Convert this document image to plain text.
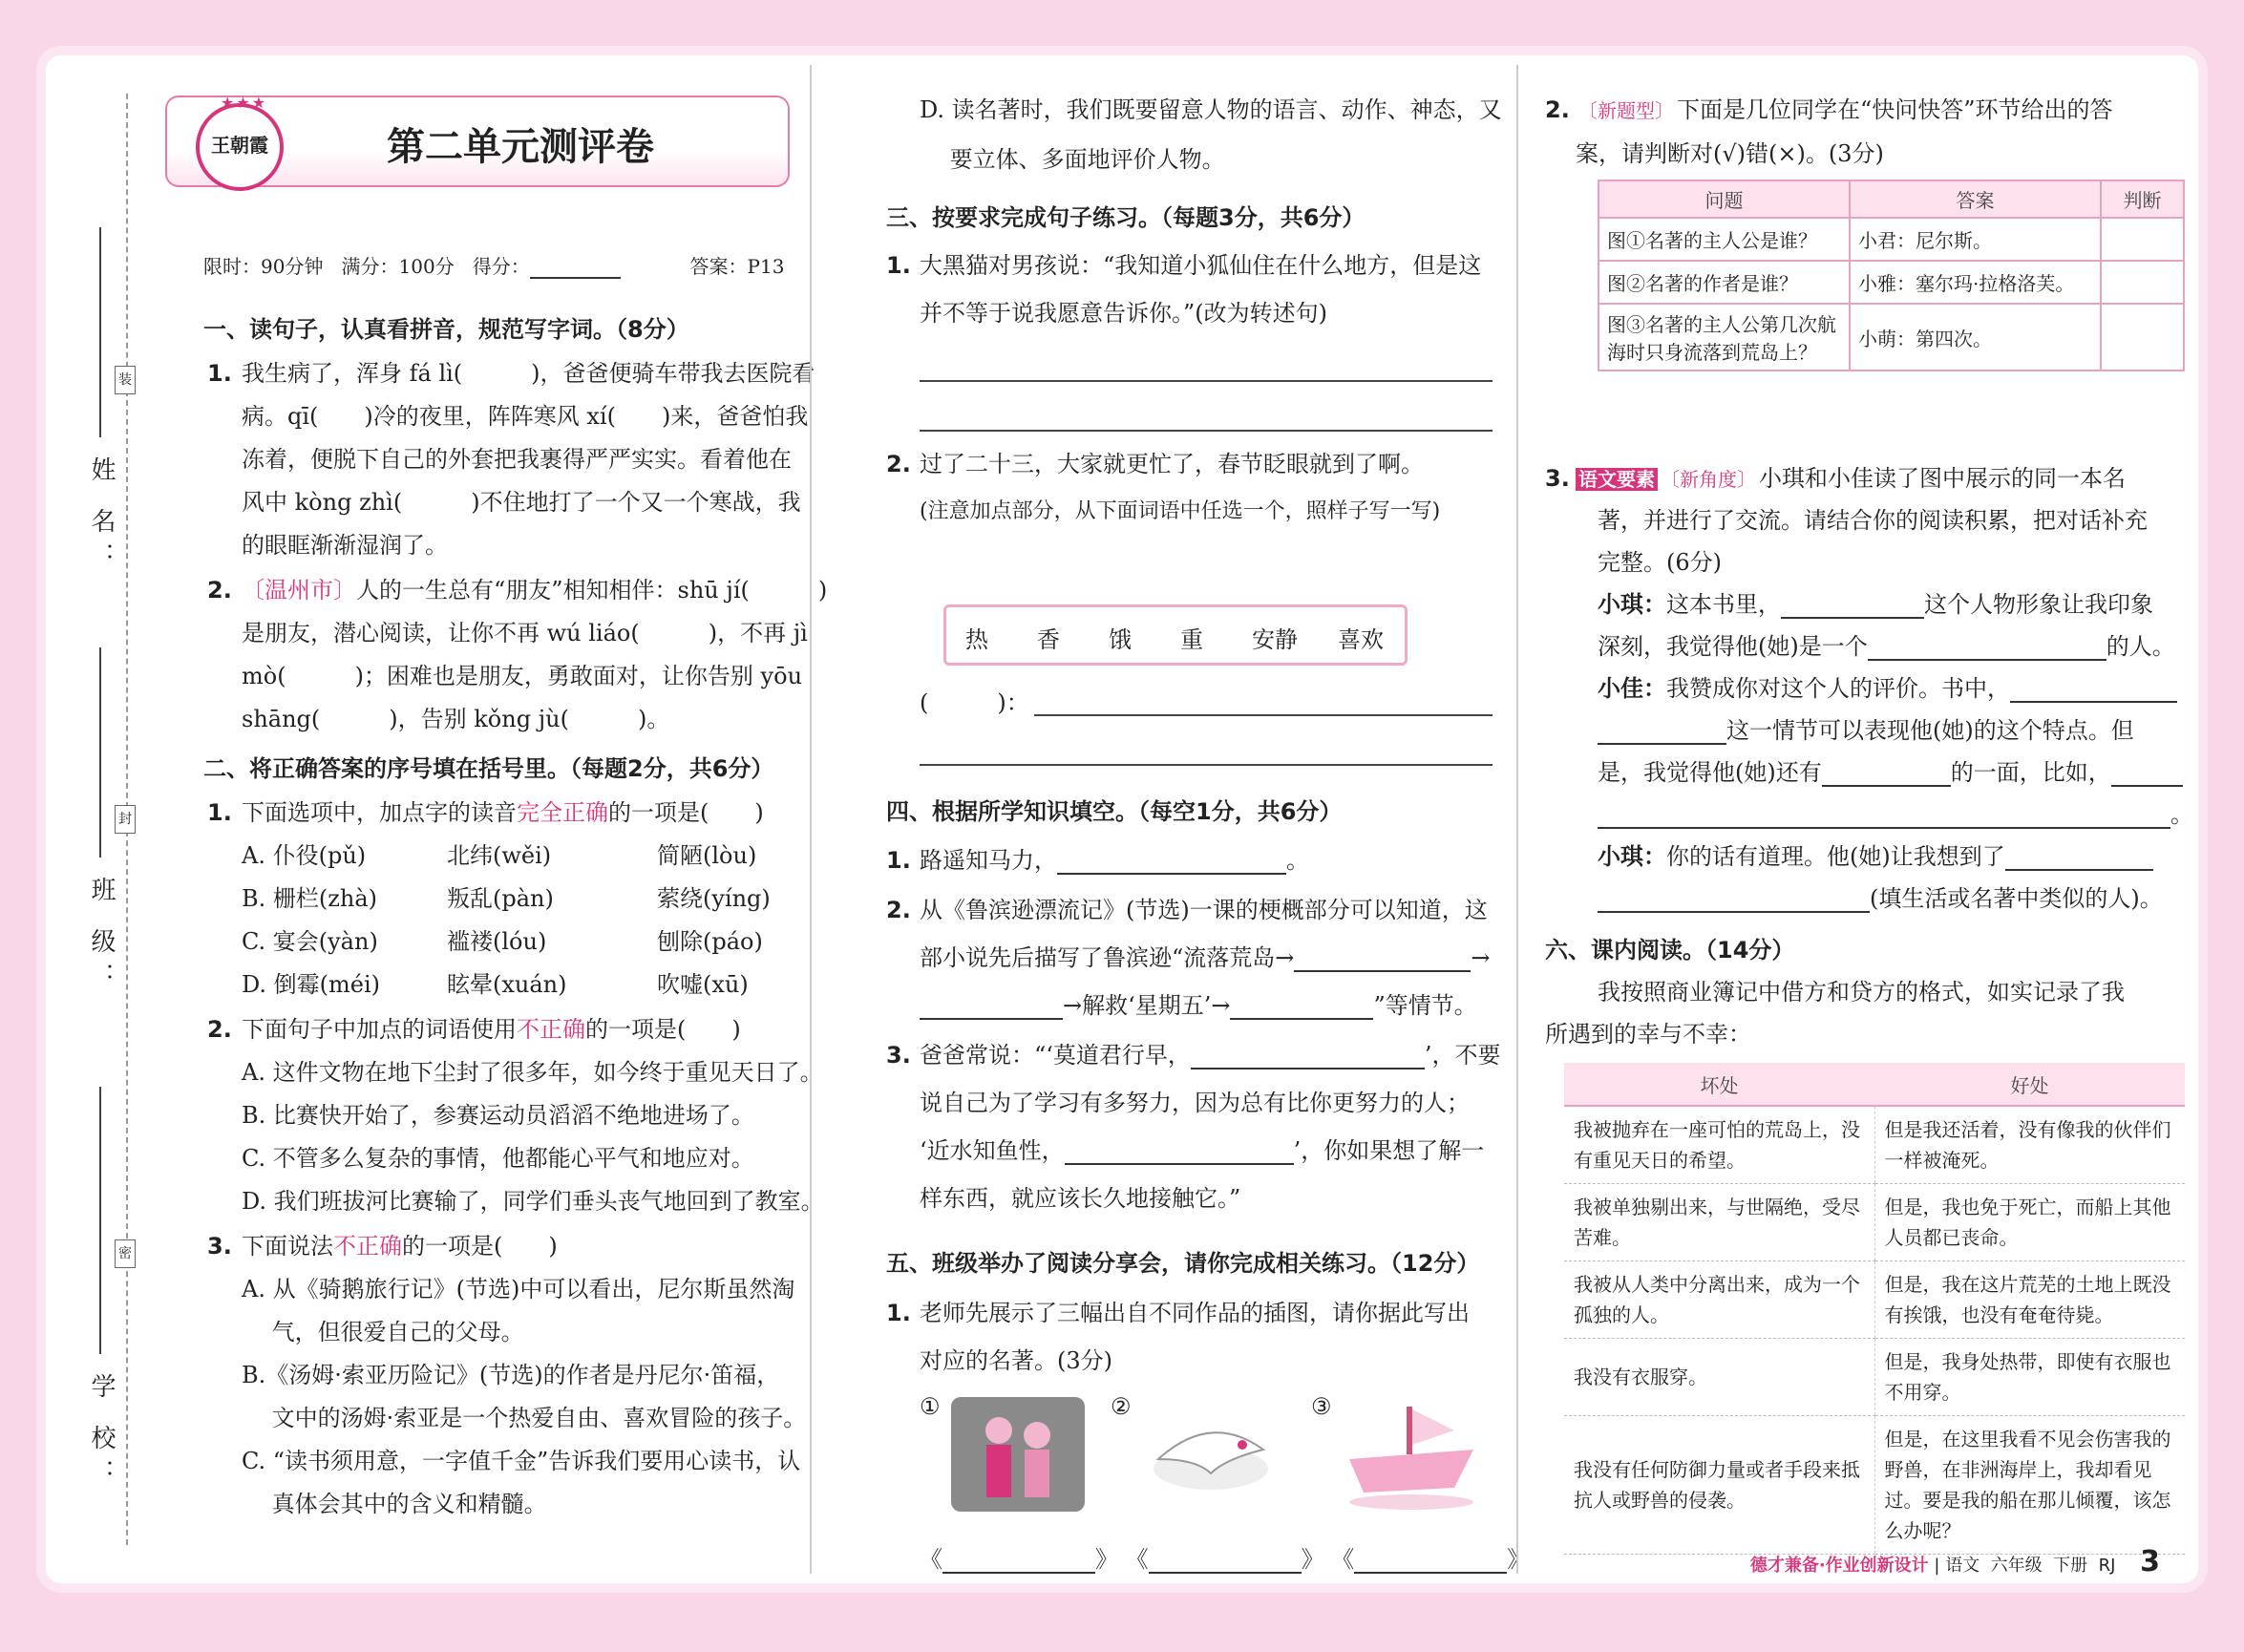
姓 名：
班 级：
学 校：
装
封
密
★★★
王朝霞	第二单元测评卷
限时：90分钟 满分：100分 得分：	答案：P13
一、读句子，认真看拼音，规范写字词。（8分）
1. 我生病了，浑身 fá lì(　　　)，爸爸便骑车带我去医院看
病。qī(　　)冷的夜里，阵阵寒风 xí(　　)来，爸爸怕我
冻着，便脱下自己的外套把我裹得严严实实。看着他在
风中 kòng zhì(　　　)不住地打了一个又一个寒战，我
的眼眶渐渐湿润了。
2. 〔温州市〕人的一生总有“朋友”相知相伴：shū jí(　　　)
是朋友，潜心阅读，让你不再 wú liáo(　　　)，不再 jì
mò(　　　)；困难也是朋友，勇敢面对，让你告别 yōu
shāng(　　　)，告别 kǒng jù(　　　)。
二、将正确答案的序号填在括号里。（每题2分，共6分）
1. 下面选项中，加点字的读音完全正确的一项是(　　)
A. 仆役(pǔ)	北纬(wěi)	简陋(lòu)
B. 栅栏(zhà)	叛乱(pàn)	萦绕(yíng)
C. 宴会(yàn)	褴褛(lóu)	刨除(páo)
D. 倒霉(méi)	眩晕(xuán)	吹嘘(xū)
2. 下面句子中加点的词语使用不正确的一项是(　　)
A. 这件文物在地下尘封了很多年，如今终于重见天日了。
B. 比赛快开始了，参赛运动员滔滔不绝地进场了。
C. 不管多么复杂的事情，他都能心平气和地应对。
D. 我们班拔河比赛输了，同学们垂头丧气地回到了教室。
3. 下面说法不正确的一项是(　　)
A. 从《骑鹅旅行记》(节选)中可以看出，尼尔斯虽然淘
　 气，但很爱自己的父母。
B.《汤姆·索亚历险记》(节选)的作者是丹尼尔·笛福，
　 文中的汤姆·索亚是一个热爱自由、喜欢冒险的孩子。
C. “读书须用意，一字值千金”告诉我们要用心读书，认
　 真体会其中的含义和精髓。
D. 读名著时，我们既要留意人物的语言、动作、神态，又
　 要立体、多面地评价人物。
三、按要求完成句子练习。（每题3分，共6分）
1. 大黑猫对男孩说：“我知道小狐仙住在什么地方，但是这
并不等于说我愿意告诉你。”(改为转述句)
2. 过了二十三，大家就更忙了，春节眨眼就到了啊。
(注意加点部分，从下面词语中任选一个，照样子写一写)
热 香 饿 重 安静 喜欢
(　　　)：
四、根据所学知识填空。（每空1分，共6分）
1. 路遥知马力，	。
2. 从《鲁滨逊漂流记》(节选)一课的梗概部分可以知道，这
部小说先后描写了鲁滨逊“流落荒岛→	→
→解救‘星期五’→	”等情节。
3. 爸爸常说：“‘莫道君行早，	’，不要
说自己为了学习有多努力，因为总有比你更努力的人；
‘近水知鱼性，	’，你如果想了解一
样东西，就应该长久地接触它。”
五、班级举办了阅读分享会，请你完成相关练习。（12分）
1. 老师先展示了三幅出自不同作品的插图，请你据此写出
对应的名著。(3分)
①	②	③
《	》 《	》 《	》
2. 〔新题型〕 下面是几位同学在“快问快答”环节给出的答
案，请判断对(√)错(×)。(3分)
问题	答案	判断
图①名著的主人公是谁？	小君：尼尔斯。	
图②名著的作者是谁？	小雅：塞尔玛·拉格洛芙。	
图③名著的主人公第几次航海时只身流落到荒岛上？	小萌：第四次。	
3. 语文要素 〔新角度〕 小琪和小佳读了图中展示的同一本名
著，并进行了交流。请结合你的阅读积累，把对话补充
完整。(6分)
小琪：这本书里，	这个人物形象让我印象
深刻，我觉得他(她)是一个	的人。
小佳：我赞成你对这个人的评价。书中，
这一情节可以表现他(她)的这个特点。但
是，我觉得他(她)还有	的一面，比如，
。
小琪：你的话有道理。他(她)让我想到了
(填生活或名著中类似的人)。
六、课内阅读。（14分）
我按照商业簿记中借方和贷方的格式，如实记录了我
所遇到的幸与不幸：
坏处	好处
我被抛弃在一座可怕的荒岛上，没有重见天日的希望。	但是我还活着，没有像我的伙伴们一样被淹死。
我被单独剔出来，与世隔绝，受尽苦难。	但是，我也免于死亡，而船上其他人员都已丧命。
我被从人类中分离出来，成为一个孤独的人。	但是，我在这片荒芜的土地上既没有挨饿，也没有奄奄待毙。
我没有衣服穿。	但是，我身处热带，即使有衣服也不用穿。
我没有任何防御力量或者手段来抵抗人或野兽的侵袭。	但是，在这里我看不见会伤害我的野兽，在非洲海岸上，我却看见过。要是我的船在那儿倾覆，该怎么办呢？
德才兼备·作业创新设计 | 语文 六年级 下册 RJ 3
